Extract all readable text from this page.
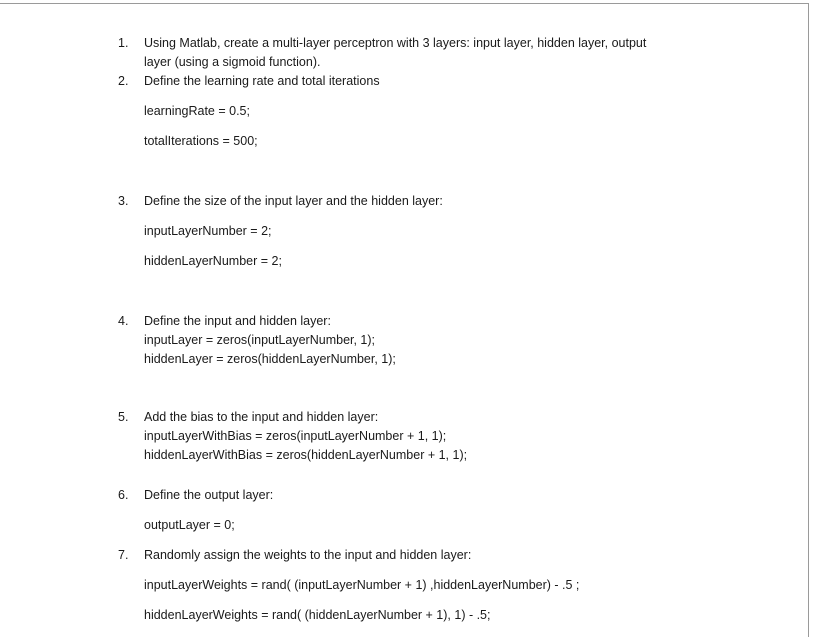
1. Using Matlab, create a multi-layer perceptron with 3 layers: input layer, hidden layer, output
layer (using a sigmoid function).
2. Define the learning rate and total iterations
learningRate = 0.5;
totalIterations = 500;
3. Define the size of the input layer and the hidden layer:
inputLayerNumber = 2;
hiddenLayerNumber = 2;
4. Define the input and hidden layer:
inputLayer = zeros(inputLayerNumber, 1);
hiddenLayer = zeros(hiddenLayerNumber, 1);
5. Add the bias to the input and hidden layer:
inputLayerWithBias = zeros(inputLayerNumber + 1, 1);
hiddenLayerWithBias = zeros(hiddenLayerNumber + 1, 1);
6. Define the output layer:
outputLayer = 0;
7. Randomly assign the weights to the input and hidden layer:
inputLayerWeights = rand( (inputLayerNumber + 1) ,hiddenLayerNumber) - .5 ;
hiddenLayerWeights = rand( (hiddenLayerNumber + 1), 1) - .5;
